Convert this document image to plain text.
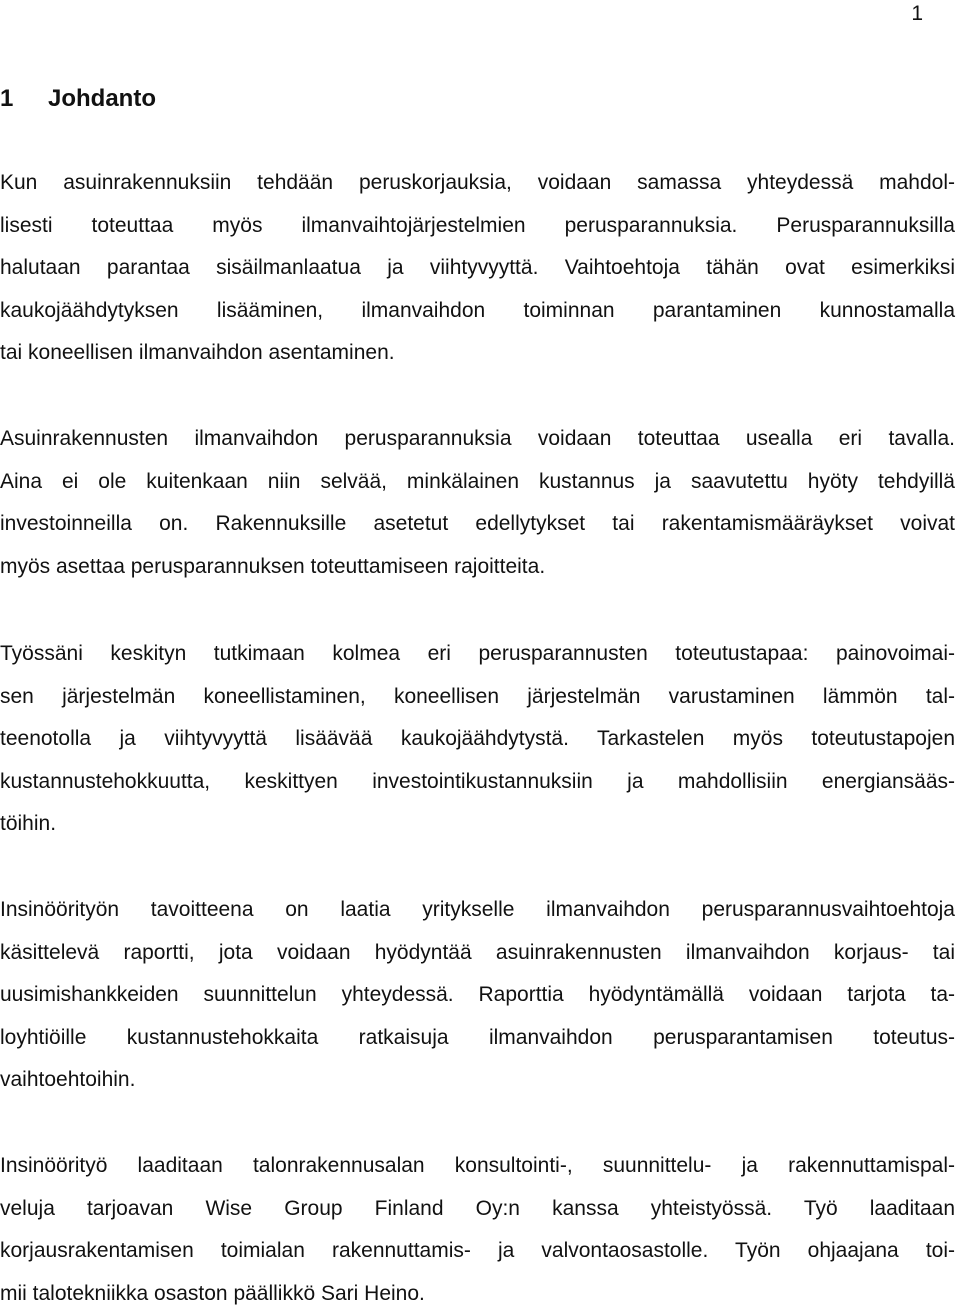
1
1 Johdanto
Kun asuinrakennuksiin tehdään peruskorjauksia, voidaan samassa yhteydessä mahdol-
lisesti toteuttaa myös ilmanvaihtojärjestelmien perusparannuksia. Perusparannuksilla
halutaan parantaa sisäilmanlaatua ja viihtyvyyttä. Vaihtoehtoja tähän ovat esimerkiksi
kaukojäähdytyksen lisääminen, ilmanvaihdon toiminnan parantaminen kunnostamalla
tai koneellisen ilmanvaihdon asentaminen.
Asuinrakennusten ilmanvaihdon perusparannuksia voidaan toteuttaa usealla eri tavalla.
Aina ei ole kuitenkaan niin selvää, minkälainen kustannus ja saavutettu hyöty tehdyillä
investoinneilla on. Rakennuksille asetetut edellytykset tai rakentamismääräykset voivat
myös asettaa perusparannuksen toteuttamiseen rajoitteita.
Työssäni keskityn tutkimaan kolmea eri perusparannusten toteutustapaa: painovoimai-
sen järjestelmän koneellistaminen, koneellisen järjestelmän varustaminen lämmön tal-
teenotolla ja viihtyvyyttä lisäävää kaukojäähdytystä. Tarkastelen myös toteutustapojen
kustannustehokkuutta, keskittyen investointikustannuksiin ja mahdollisiin energiansääs-
töihin.
Insinöörityön tavoitteena on laatia yritykselle ilmanvaihdon perusparannusvaihtoehtoja
käsittelevä raportti, jota voidaan hyödyntää asuinrakennusten ilmanvaihdon korjaus- tai
uusimishankkeiden suunnittelun yhteydessä. Raporttia hyödyntämällä voidaan tarjota ta-
loyhtiöille kustannustehokkaita ratkaisuja ilmanvaihdon perusparantamisen toteutus-
vaihtoehtoihin.
Insinöörityö laaditaan talonrakennusalan konsultointi-, suunnittelu- ja rakennuttamispal-
veluja tarjoavan Wise Group Finland Oy:n kanssa yhteistyössä. Työ laaditaan
korjausrakentamisen toimialan rakennuttamis- ja valvontaosastolle. Työn ohjaajana toi-
mii talotekniikka osaston päällikkö Sari Heino.
